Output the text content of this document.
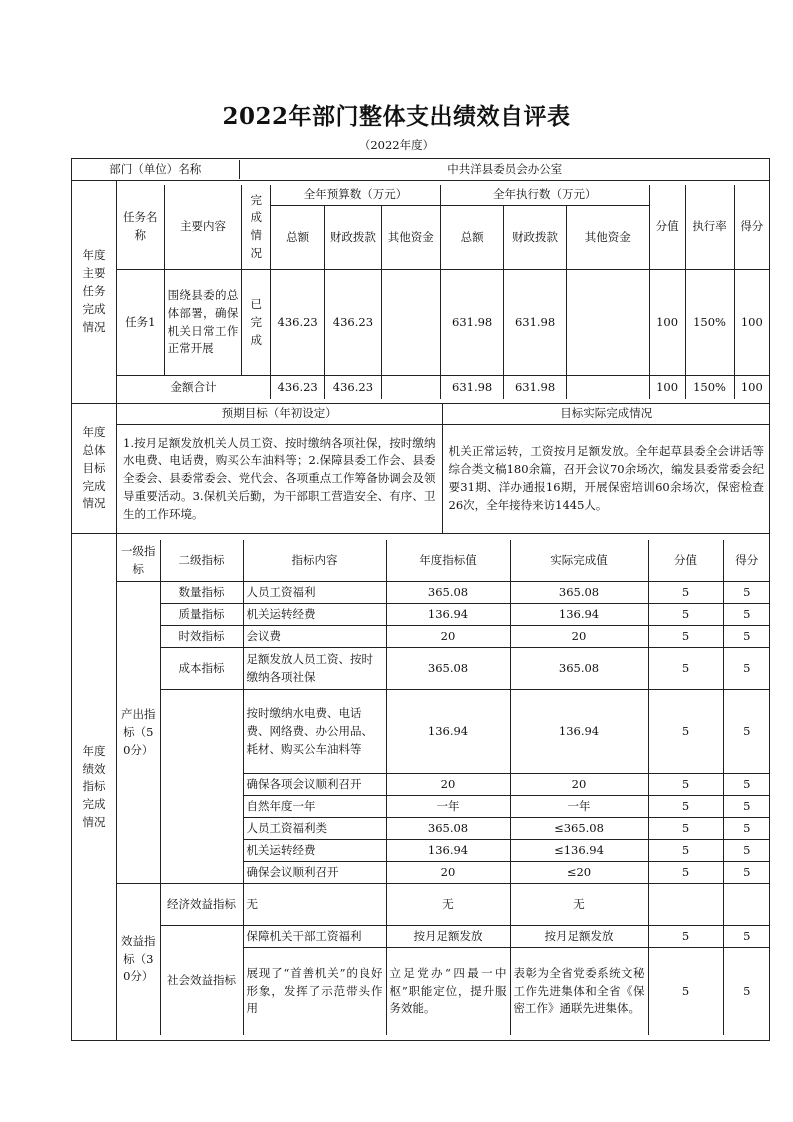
2022年部门整体支出绩效自评表
（2022年度）
部门（单位）名称	中共洋县委员会办公室

年度主要任务完成情况	
任务名称	主要内容	完成情况	全年预算数（万元）	全年执行数（万元）	分值	执行率	得分
总额	财政拨款	其他资金	总额	财政拨款	其他资金
任务1	围绕县委的总体部署，确保机关日常工作正常开展	已完成	436.23	436.23		631.98	631.98		100	150%	100
金额合计	436.23	436.23		631.98	631.98		100	150%	100

年度总体目标完成情况	
预期目标（年初设定）	目标实际完成情况
1.按月足额发放机关人员工资、按时缴纳各项社保，按时缴纳水电费、电话费，购买公车油料等；2.保障县委工作会、县委全委会、县委常委会、党代会、各项重点工作筹备协调会及领导重要活动。3.保机关后勤，为干部职工营造安全、有序、卫生的工作环境。	机关正常运转，工资按月足额发放。全年起草县委全会讲话等综合类文稿180余篇，召开会议70余场次，编发县委常委会纪要31期、洋办通报16期，开展保密培训60余场次，保密检查26次，全年接待来访1445人。

年度绩效指标完成情况	
一级指标	二级指标	指标内容	年度指标值	实际完成值	分值	得分
产出指标（50分）	数量指标	人员工资福利	365.08	365.08	5	5
质量指标	机关运转经费	136.94	136.94	5	5
时效指标	会议费	20	20	5	5
成本指标	足额发放人员工资、按时缴纳各项社保	365.08	365.08	5	5
	按时缴纳水电费、电话费、网络费、办公用品、耗材、购买公车油料等	136.94	136.94	5	5
确保各项会议顺利召开	20	20	5	5
自然年度一年	一年	一年	5	5
人员工资福利类	365.08	≤365.08	5	5
机关运转经费	136.94	≤136.94	5	5
确保会议顺利召开	20	≤20	5	5
效益指标（30分）	经济效益指标	无	无	无		
社会效益指标	保障机关干部工资福利	按月足额发放	按月足额发放	5	5
展现了“首善机关”的良好形象，发挥了示范带头作用	立足党办“四最一中枢”职能定位，提升服务效能。	表彰为全省党委系统文秘工作先进集体和全省《保密工作》通联先进集体。	5	5
